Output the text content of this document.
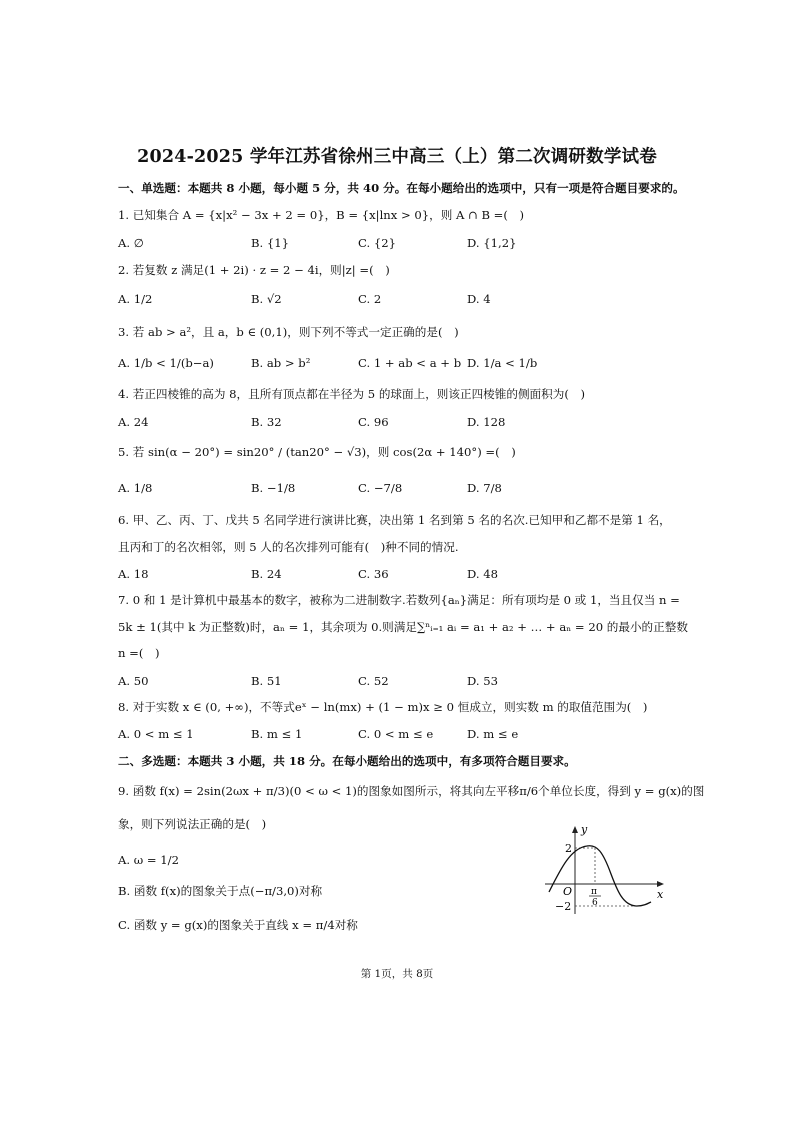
2024-2025 学年江苏省徐州三中高三（上）第二次调研数学试卷
一、单选题：本题共 8 小题，每小题 5 分，共 40 分。在每小题给出的选项中，只有一项是符合题目要求的。
1. 已知集合 A = {x|x² − 3x + 2 = 0}，B = {x|lnx > 0}，则 A ∩ B =(　)
A. ∅	B. {1}	C. {2}	D. {1,2}
2. 若复数 z 满足(1 + 2i) · z = 2 − 4i，则|z| =(　)
A. 1/2	B. √2	C. 2	D. 4
3. 若 ab > a²，且 a，b ∈ (0,1)，则下列不等式一定正确的是(　)
A. 1/b < 1/(b−a)	B. ab > b²	C. 1 + ab < a + b D. 1/a < 1/b
4. 若正四棱锥的高为 8，且所有顶点都在半径为 5 的球面上，则该正四棱锥的侧面积为(　)
A. 24	B. 32	C. 96	D. 128
5. 若 sin(α − 20°) = sin20° / (tan20° − √3)，则 cos(2α + 140°) =(　)
A. 1/8	B. −1/8	C. −7/8	D. 7/8
6. 甲、乙、丙、丁、戊共 5 名同学进行演讲比赛，决出第 1 名到第 5 名的名次.已知甲和乙都不是第 1 名，
且丙和丁的名次相邻，则 5 人的名次排列可能有(　)种不同的情况.
A. 18	B. 24	C. 36	D. 48
7. 0 和 1 是计算机中最基本的数字，被称为二进制数字.若数列{aₙ}满足：所有项均是 0 或 1，当且仅当 n =
5k ± 1(其中 k 为正整数)时，aₙ = 1，其余项为 0.则满足∑ⁿᵢ₌₁ aᵢ = a₁ + a₂ + … + aₙ = 20 的最小的正整数
n =(　)
A. 50	B. 51	C. 52	D. 53
8. 对于实数 x ∈ (0, +∞)，不等式eˣ − ln(mx) + (1 − m)x ≥ 0 恒成立，则实数 m 的取值范围为(　)
A. 0 < m ≤ 1	B. m ≤ 1	C. 0 < m ≤ e	D. m ≤ e
二、多选题：本题共 3 小题，共 18 分。在每小题给出的选项中，有多项符合题目要求。
9. 函数 f(x) = 2sin(2ωx + π/3)(0 < ω < 1)的图象如图所示，将其向左平移π/6个单位长度，得到 y = g(x)的图
象，则下列说法正确的是(　)
A. ω = 1/2
B. 函数 f(x)的图象关于点(−π/3,0)对称
C. 函数 y = g(x)的图象关于直线 x = π/4对称
y
x
O
2
−2
π
6
第 1页，共 8页
